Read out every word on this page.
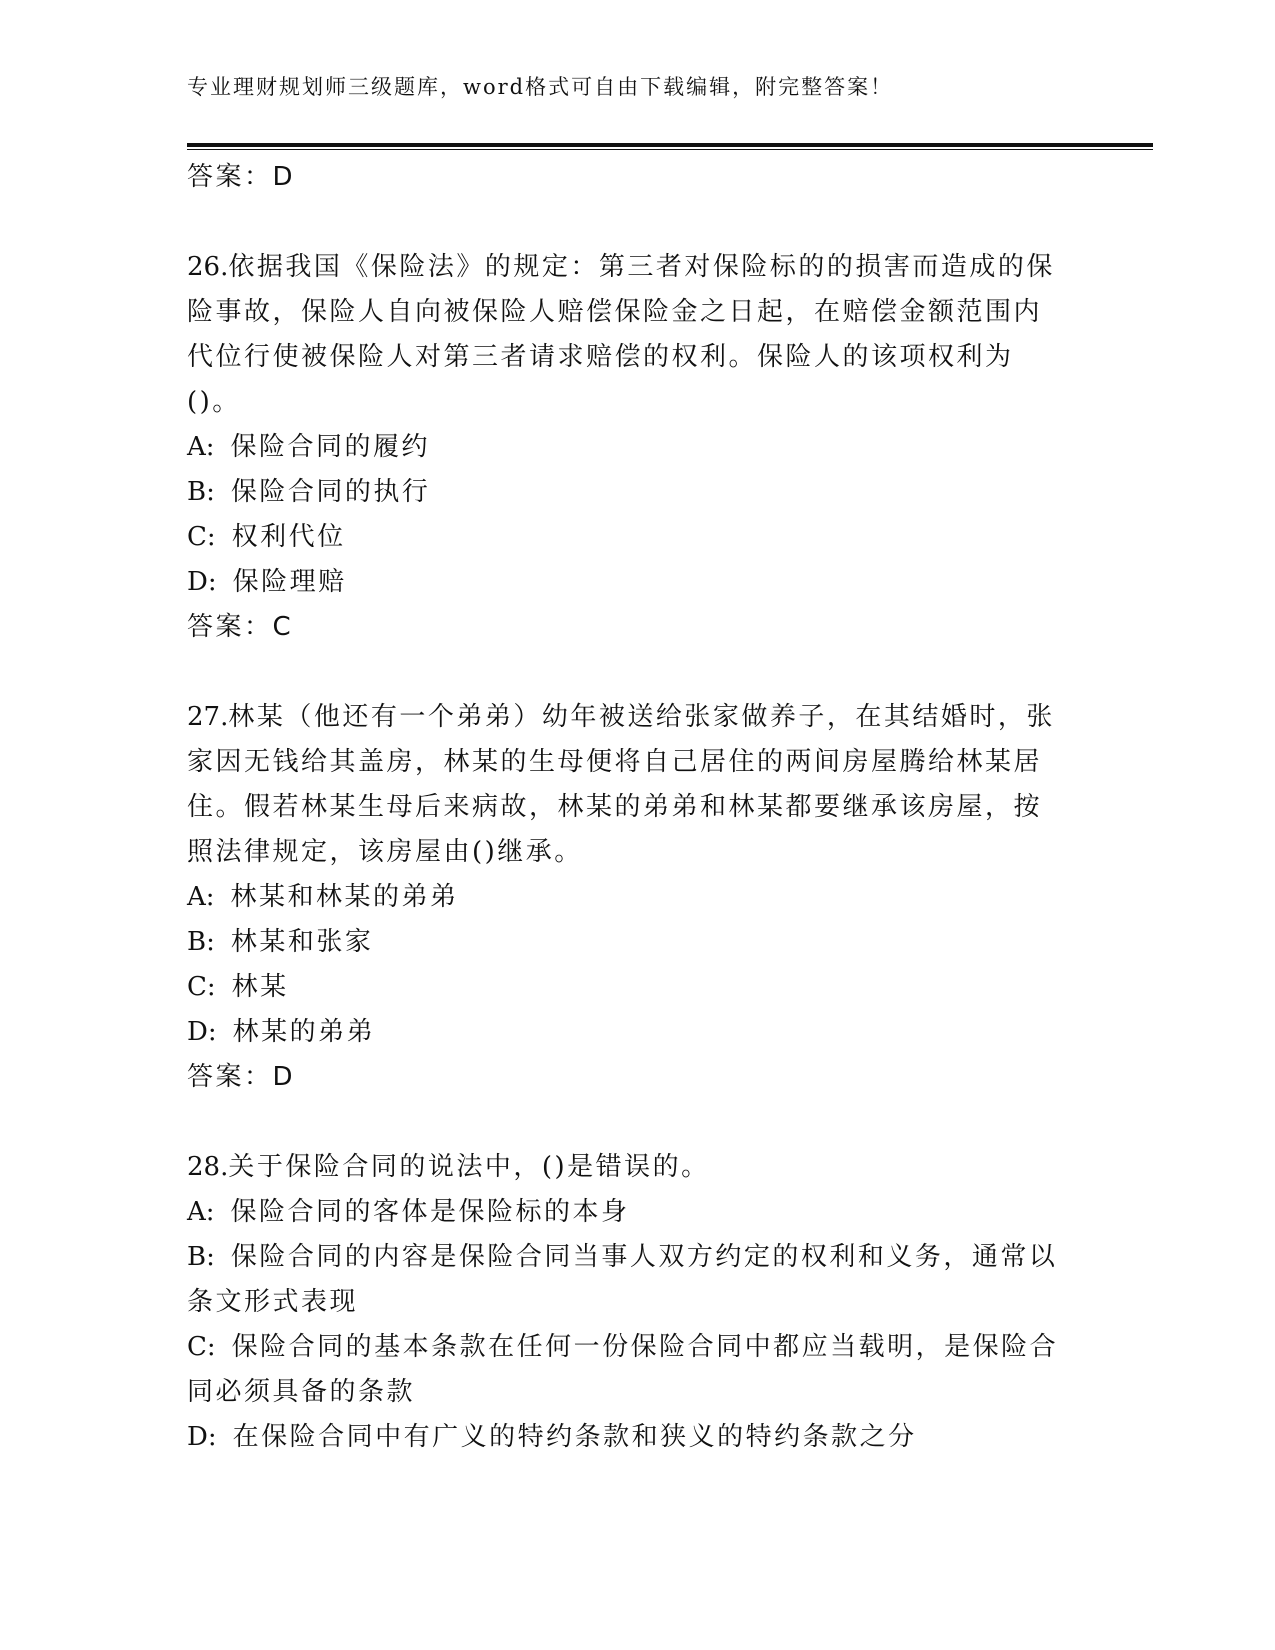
专业理财规划师三级题库，word格式可自由下载编辑，附完整答案！
答案：D
26.依据我国《保险法》的规定：第三者对保险标的的损害而造成的保险事故，保险人自向被保险人赔偿保险金之日起，在赔偿金额范围内代位行使被保险人对第三者请求赔偿的权利。保险人的该项权利为()。
A: 保险合同的履约
B: 保险合同的执行
C: 权利代位
D: 保险理赔
答案：C
27.林某（他还有一个弟弟）幼年被送给张家做养子，在其结婚时，张家因无钱给其盖房，林某的生母便将自己居住的两间房屋腾给林某居住。假若林某生母后来病故，林某的弟弟和林某都要继承该房屋，按照法律规定，该房屋由()继承。
A: 林某和林某的弟弟
B: 林某和张家
C: 林某
D: 林某的弟弟
答案：D
28.关于保险合同的说法中，()是错误的。
A: 保险合同的客体是保险标的本身
B: 保险合同的内容是保险合同当事人双方约定的权利和义务，通常以条文形式表现
C: 保险合同的基本条款在任何一份保险合同中都应当载明，是保险合同必须具备的条款
D: 在保险合同中有广义的特约条款和狭义的特约条款之分
